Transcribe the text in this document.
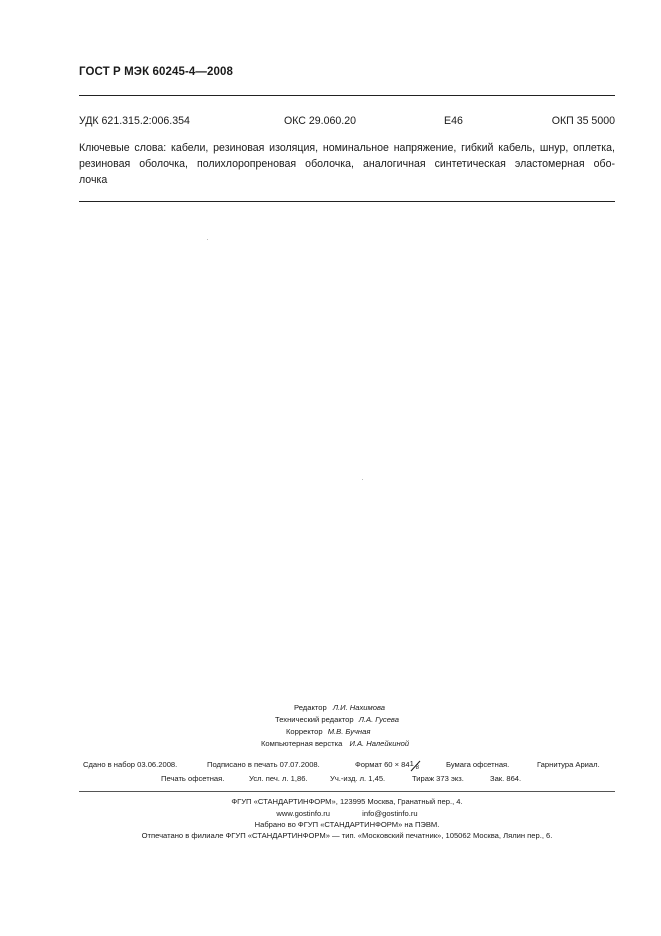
ГОСТ Р МЭК 60245-4—2008
УДК 621.315.2:006.354	ОКС 29.060.20	Е46	ОКП 35 5000
Ключевые слова: кабели, резиновая изоляция, номинальное напряжение, гибкий кабель, шнур, оплетка,
резиновая оболочка, полихлоропреновая оболочка, аналогичная синтетическая эластомерная обо-
лочка
Редактор Л.И. Нахимова
Технический редактор Л.А. Гусева
Корректор М.В. Бучная
Компьютерная верстка И.А. Налейкиной
Сдано в набор 03.06.2008.	Подписано в печать 07.07.2008.	Формат 60 × 84 1 8	Бумага офсетная.	Гарнитура Ариал.
Печать офсетная.	Усл. печ. л. 1,86.	Уч.-изд. л. 1,45.	Тираж 373 экз.	Зак. 864.
ФГУП «СТАНДАРТИНФОРМ», 123995 Москва, Гранатный пер., 4.
www.gostinfo.ru	info@gostinfo.ru
Набрано во ФГУП «СТАНДАРТИНФОРМ» на ПЭВМ.
Отпечатано в филиале ФГУП «СТАНДАРТИНФОРМ» — тип. «Московский печатник», 105062 Москва, Лялин пер., 6.
